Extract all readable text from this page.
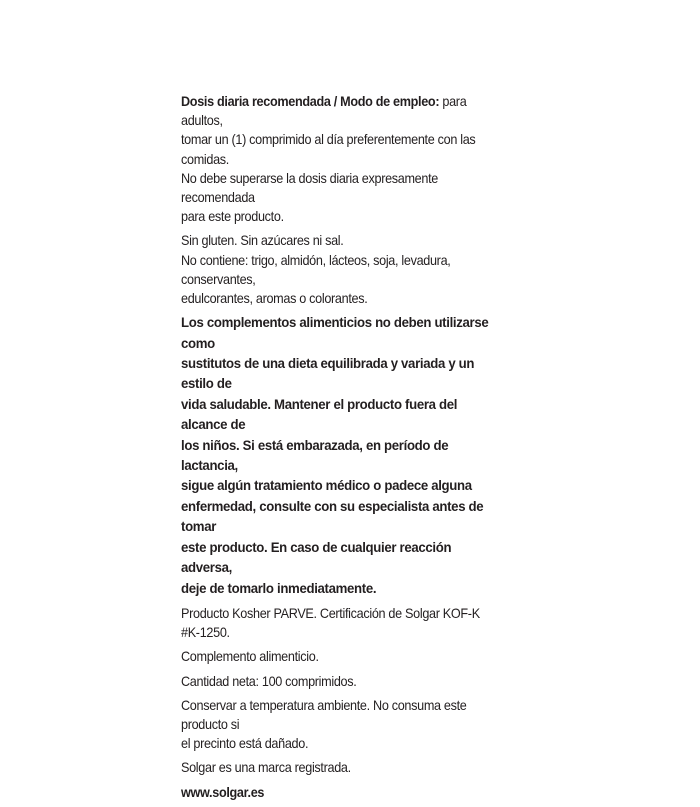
Dosis diaria recomendada / Modo de empleo: para adultos,
tomar un (1) comprimido al día preferentemente con las comidas.
No debe superarse la dosis diaria expresamente recomendada
para este producto.

Sin gluten. Sin azúcares ni sal.
No contiene: trigo, almidón, lácteos, soja, levadura, conservantes,
edulcorantes, aromas o colorantes.

Los complementos alimenticios no deben utilizarse como
sustitutos de una dieta equilibrada y variada y un estilo de
vida saludable. Mantener el producto fuera del alcance de
los niños. Si está embarazada, en período de lactancia,
sigue algún tratamiento médico o padece alguna
enfermedad, consulte con su especialista antes de tomar
este producto. En caso de cualquier reacción adversa,
deje de tomarlo inmediatamente.

Producto Kosher PARVE. Certificación de Solgar KOF-K #K-1250.

Complemento alimenticio.

Cantidad neta: 100 comprimidos.

Conservar a temperatura ambiente. No consuma este producto si
el precinto está dañado.

Solgar es una marca registrada.

www.solgar.es
